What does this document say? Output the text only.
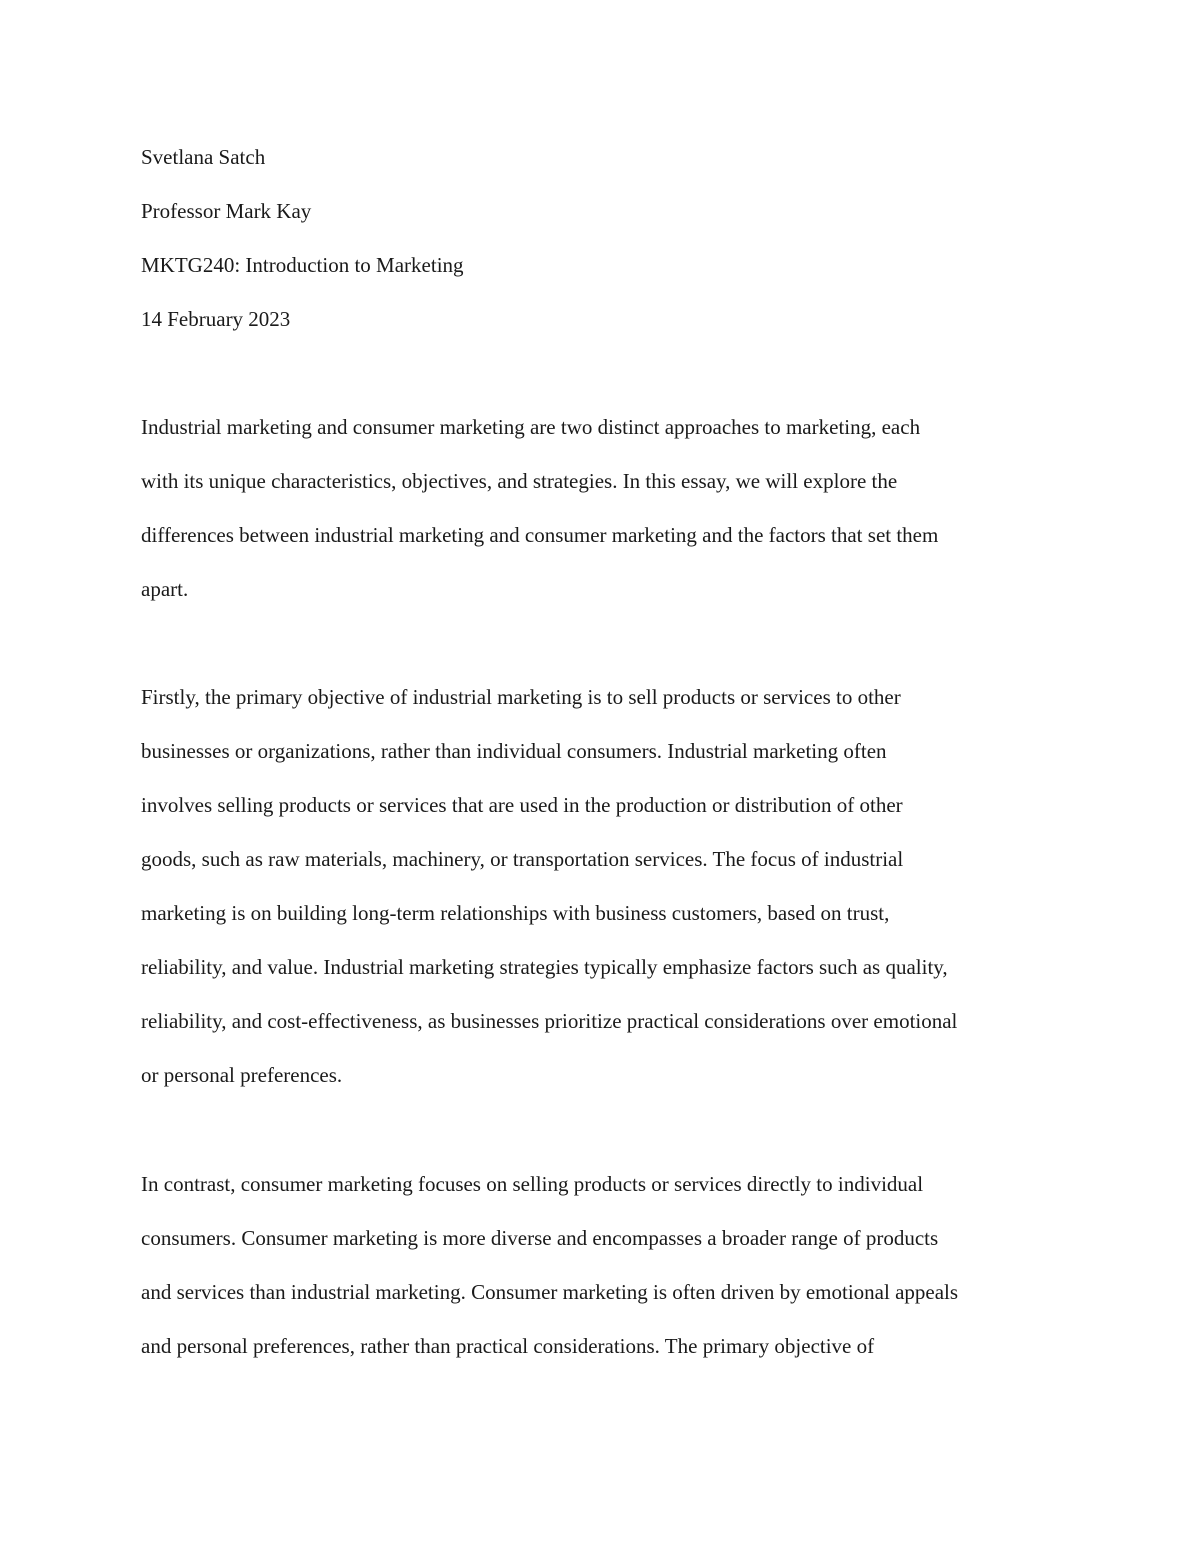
Svetlana Satch
Professor Mark Kay
MKTG240: Introduction to Marketing
14 February 2023
Industrial marketing and consumer marketing are two distinct approaches to marketing, each
with its unique characteristics, objectives, and strategies. In this essay, we will explore the
differences between industrial marketing and consumer marketing and the factors that set them
apart.
Firstly, the primary objective of industrial marketing is to sell products or services to other
businesses or organizations, rather than individual consumers. Industrial marketing often
involves selling products or services that are used in the production or distribution of other
goods, such as raw materials, machinery, or transportation services. The focus of industrial
marketing is on building long-term relationships with business customers, based on trust,
reliability, and value. Industrial marketing strategies typically emphasize factors such as quality,
reliability, and cost-effectiveness, as businesses prioritize practical considerations over emotional
or personal preferences.
In contrast, consumer marketing focuses on selling products or services directly to individual
consumers. Consumer marketing is more diverse and encompasses a broader range of products
and services than industrial marketing. Consumer marketing is often driven by emotional appeals
and personal preferences, rather than practical considerations. The primary objective of
